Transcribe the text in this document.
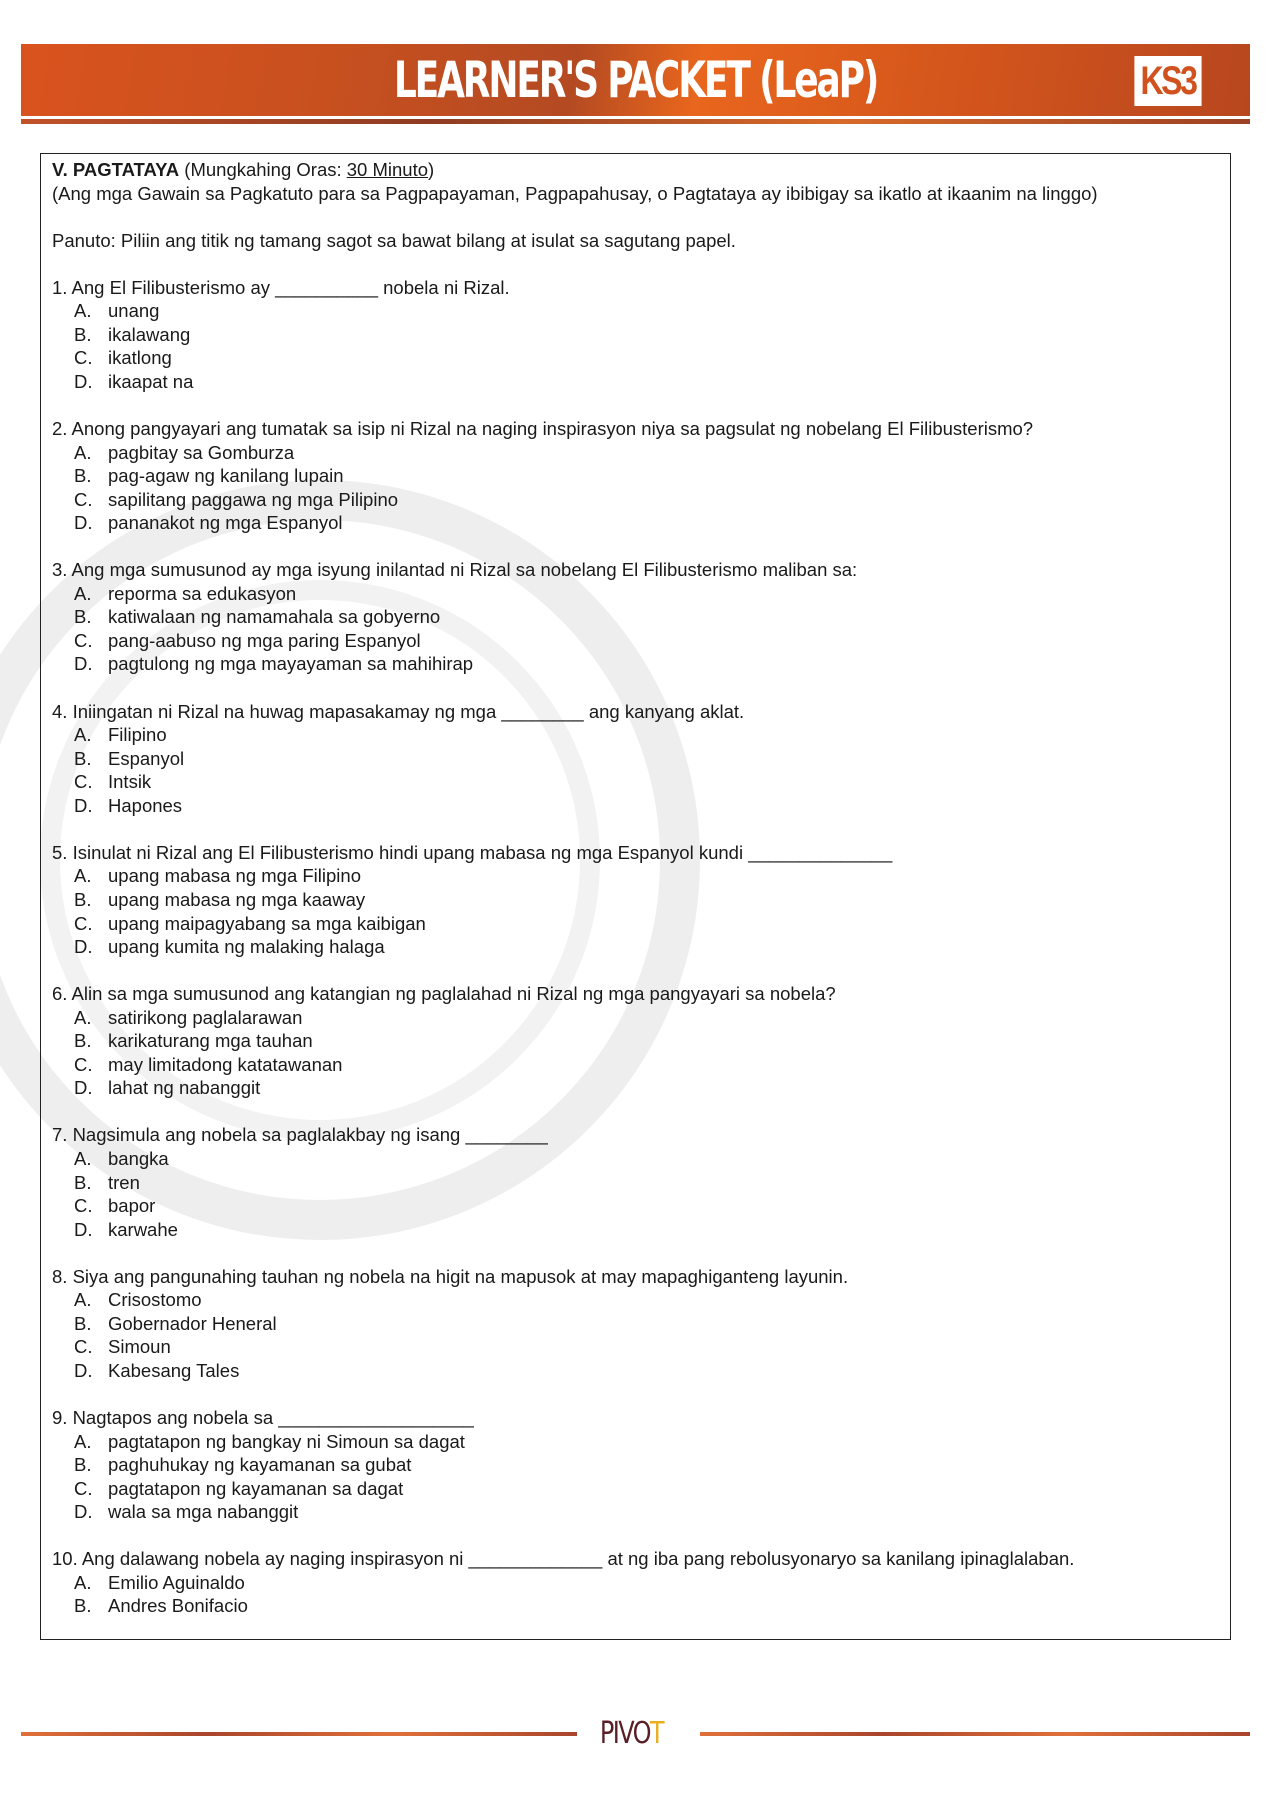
LEARNER'S PACKET (LeaP)	KS3
V. PAGTATAYA (Mungkahing Oras: 30 Minuto)
(Ang mga Gawain sa Pagkatuto para sa Pagpapayaman, Pagpapahusay, o Pagtataya ay ibibigay sa ikatlo at ikaanim na linggo)
Panuto: Piliin ang titik ng tamang sagot sa bawat bilang at isulat sa sagutang papel.
1. Ang El Filibusterismo ay __________ nobela ni Rizal.
A. unang
B. ikalawang
C. ikatlong
D. ikaapat na
2. Anong pangyayari ang tumatak sa isip ni Rizal na naging inspirasyon niya sa pagsulat ng nobelang El Filibusterismo?
A. pagbitay sa Gomburza
B. pag-agaw ng kanilang lupain
C. sapilitang paggawa ng mga Pilipino
D. pananakot ng mga Espanyol
3. Ang mga sumusunod ay mga isyung inilantad ni Rizal sa nobelang El Filibusterismo maliban sa:
A. reporma sa edukasyon
B. katiwalaan ng namamahala sa gobyerno
C. pang-aabuso ng mga paring Espanyol
D. pagtulong ng mga mayayaman sa mahihirap
4. Iniingatan ni Rizal na huwag mapasakamay ng mga ________ ang kanyang aklat.
A. Filipino
B. Espanyol
C. Intsik
D. Hapones
5. Isinulat ni Rizal ang El Filibusterismo hindi upang mabasa ng mga Espanyol kundi ______________
A. upang mabasa ng mga Filipino
B. upang mabasa ng mga kaaway
C. upang maipagyabang sa mga kaibigan
D. upang kumita ng malaking halaga
6. Alin sa mga sumusunod ang katangian ng paglalahad ni Rizal ng mga pangyayari sa nobela?
A. satirikong paglalarawan
B. karikaturang mga tauhan
C. may limitadong katatawanan
D. lahat ng nabanggit
7. Nagsimula ang nobela sa paglalakbay ng isang ________
A. bangka
B. tren
C. bapor
D. karwahe
8. Siya ang pangunahing tauhan ng nobela na higit na mapusok at may mapaghiganteng layunin.
A. Crisostomo
B. Gobernador Heneral
C. Simoun
D. Kabesang Tales
9. Nagtapos ang nobela sa ___________________
A. pagtatapon ng bangkay ni Simoun sa dagat
B. paghuhukay ng kayamanan sa gubat
C. pagtatapon ng kayamanan sa dagat
D. wala sa mga nabanggit
10. Ang dalawang nobela ay naging inspirasyon ni _____________ at ng iba pang rebolusyonaryo sa kanilang ipinaglalaban.
A. Emilio Aguinaldo
B. Andres Bonifacio
PIVOT
